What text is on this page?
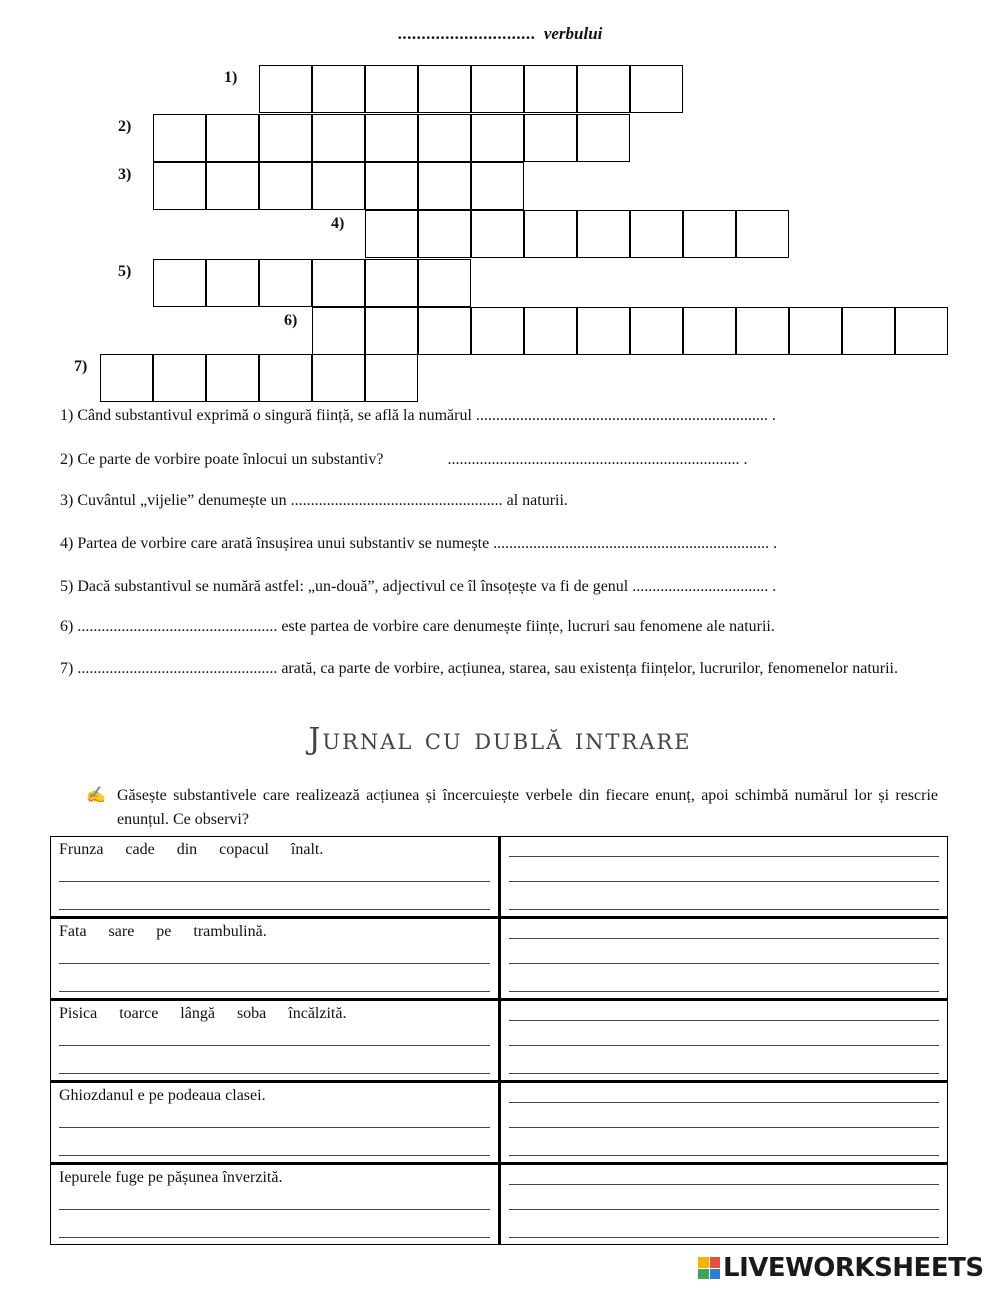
............................. verbului
1)
2)
3)
4)
5)
6)
7)
1) Când substantivul exprimă o singură ființă, se află la numărul ......................................................................... .
2) Ce parte de vorbire poate înlocui un substantiv?                ......................................................................... .
3) Cuvântul „vijelie” denumește un ..................................................... al naturii.
4) Partea de vorbire care arată însușirea unui substantiv se numește ..................................................................... .
5) Dacă substantivul se numără astfel: „un-două”, adjectivul ce îl însoțește va fi de genul .................................. .
6) .................................................. este partea de vorbire care denumește ființe, lucruri sau fenomene ale naturii.
7) .................................................. arată, ca parte de vorbire, acțiunea, starea, sau existența ființelor, lucrurilor, fenomenelor naturii.
Jurnal cu dublă intrare
✍ Găsește substantivele care realizează acțiunea și încercuiește verbele din fiecare enunț, apoi schimbă numărul lor și rescrie enunțul. Ce observi?
Frunza cade din copacul înalt.	

Fata sare pe trambulină.	

Pisica toarce lângă soba încălzită.	

Ghiozdanul e pe podeaua clasei.	

Iepurele fuge pe pășunea înverzită.	

LIVEWORKSHEETS
